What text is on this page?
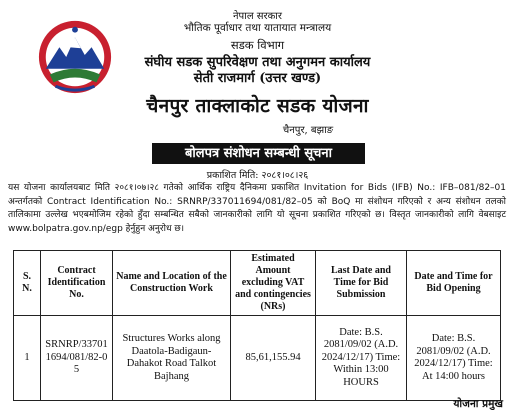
नेपाल सरकार
भौतिक पूर्वाधार तथा यातायात मन्त्रालय
सडक विभाग
संघीय सडक सुपरिवेक्षण तथा अनुगमन कार्यालय
सेती राजमार्ग (उत्तर खण्ड)
चैनपुर ताक्लाकोट सडक योजना
चैनपुर, बझाङ
बोलपत्र संशोधन सम्बन्धी सूचना
प्रकाशित मिति: २०८१।०८।२६
यस योजना कार्यालयबाट मिति २०८१।०७।२८ गतेको आर्थिक राष्ट्रिय दैनिकमा प्रकाशित Invitation for Bids (IFB) No.: IFB–081/82–01 अन्तर्गतको Contract Identification No.: SRNRP/337011694/081/82–05 को BoQ मा संशोधन गरिएको र अन्य संशोधन तलको तालिकामा उल्लेख भएबमोजिम रहेको हुँदा सम्बन्धित सबैको जानकारीको लागि यो सूचना प्रकाशित गरिएको छ। विस्तृत जानकारीको लागि वेबसाइट www.bolpatra.gov.np/egp हेर्नुहुन अनुरोध छ।
S. N.	Contract Identification No.	Name and Location of the Construction Work	Estimated Amount excluding VAT and contingencies (NRs)	Last Date and Time for Bid Submission	Date and Time for Bid Opening
1	SRNRP/337011694/081/82-05	Structures Works along Daatola-Badigaun-Dahakot Road Talkot Bajhang	85,61,155.94	Date: B.S. 2081/09/02 (A.D. 2024/12/17) Time: Within 13:00 HOURS	Date: B.S. 2081/09/02 (A.D. 2024/12/17) Time: At 14:00 hours
योजना प्रमुख
